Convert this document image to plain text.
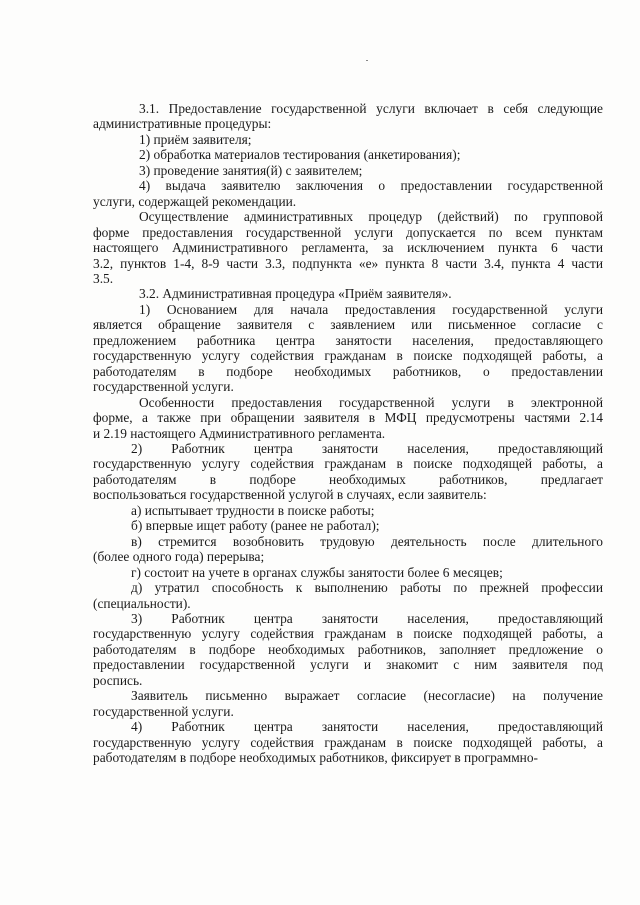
3.1. Предоставление государственной услуги включает в себя следующие
административные процедуры:
1) приём заявителя;
2) обработка материалов тестирования (анкетирования);
3) проведение занятия(й) с заявителем;
4) выдача заявителю заключения о предоставлении государственной
услуги, содержащей рекомендации.
Осуществление административных процедур (действий) по групповой
форме предоставления государственной услуги допускается по всем пунктам
настоящего Административного регламента, за исключением пункта 6 части
3.2, пунктов 1-4, 8-9 части 3.3, подпункта «е» пункта 8 части 3.4, пункта 4 части
3.5.
3.2. Административная процедура «Приём заявителя».
1) Основанием для начала предоставления государственной услуги
является обращение заявителя с заявлением или письменное согласие с
предложением работника центра занятости населения, предоставляющего
государственную услугу содействия гражданам в поиске подходящей работы, а
работодателям в подборе необходимых работников, о предоставлении
государственной услуги.
Особенности предоставления государственной услуги в электронной
форме, а также при обращении заявителя в МФЦ предусмотрены частями 2.14
и 2.19 настоящего Административного регламента.
2) Работник центра занятости населения, предоставляющий
государственную услугу содействия гражданам в поиске подходящей работы, а
работодателям в подборе необходимых работников, предлагает
воспользоваться государственной услугой в случаях, если заявитель:
а) испытывает трудности в поиске работы;
б) впервые ищет работу (ранее не работал);
в) стремится возобновить трудовую деятельность после длительного
(более одного года) перерыва;
г) состоит на учете в органах службы занятости более 6 месяцев;
д) утратил способность к выполнению работы по прежней профессии
(специальности).
3) Работник центра занятости населения, предоставляющий
государственную услугу содействия гражданам в поиске подходящей работы, а
работодателям в подборе необходимых работников, заполняет предложение о
предоставлении государственной услуги и знакомит с ним заявителя под
роспись.
Заявитель письменно выражает согласие (несогласие) на получение
государственной услуги.
4) Работник центра занятости населения, предоставляющий
государственную услугу содействия гражданам в поиске подходящей работы, а
работодателям в подборе необходимых работников, фиксирует в программно-
